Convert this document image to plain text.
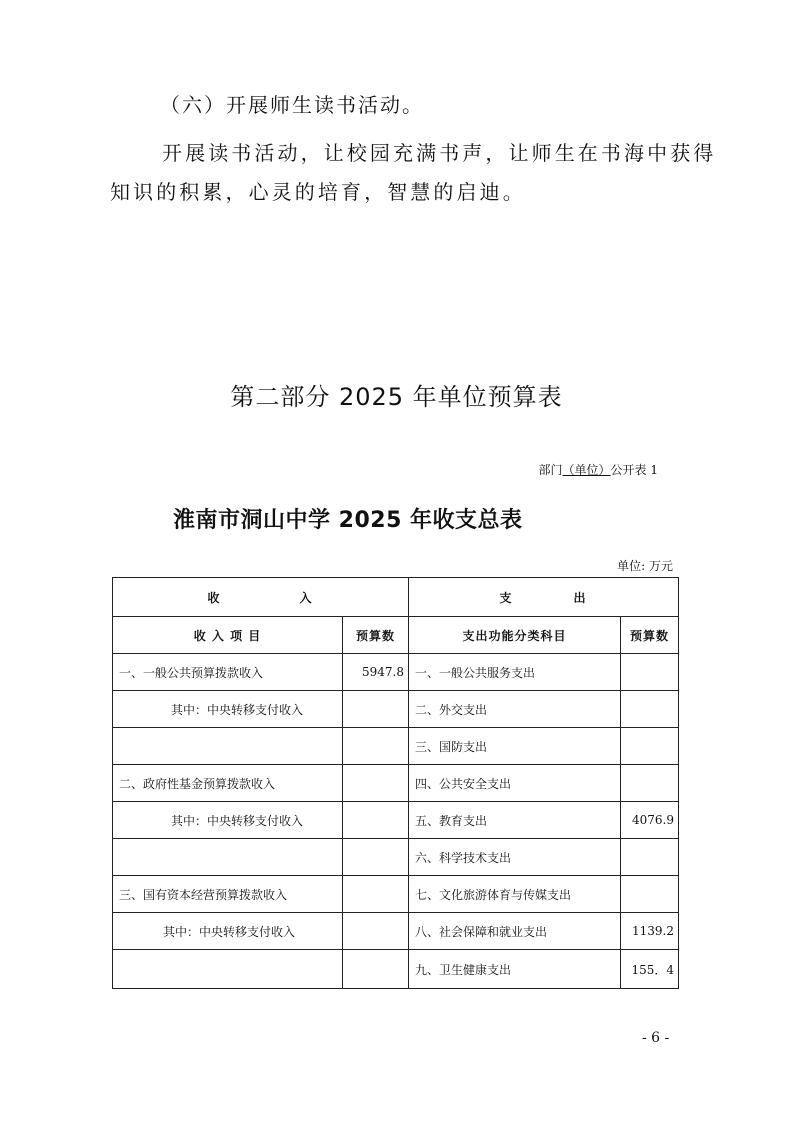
（六）开展师生读书活动。
开展读书活动，让校园充满书声，让师生在书海中获得
知识的积累，心灵的培育，智慧的启迪。
第二部分 2025 年单位预算表
部门（单位）公开表 1
淮南市洞山中学 2025 年收支总表
单位: 万元
收 入		支 出	
收 入 项 目	预算数	支出功能分类科目	预算数
一、一般公共预算拨款收入	5947.8	一、一般公共服务支出	
其中：中央转移支付收入		二、外交支出	
		三、国防支出	
二、政府性基金预算拨款收入		四、公共安全支出	
其中：中央转移支付收入		五、教育支出	4076.9
		六、科学技术支出	
三、国有资本经营预算拨款收入		七、文化旅游体育与传媒支出	
其中：中央转移支付收入		八、社会保障和就业支出	1139.2
		九、卫生健康支出	155．4
- 6 -
